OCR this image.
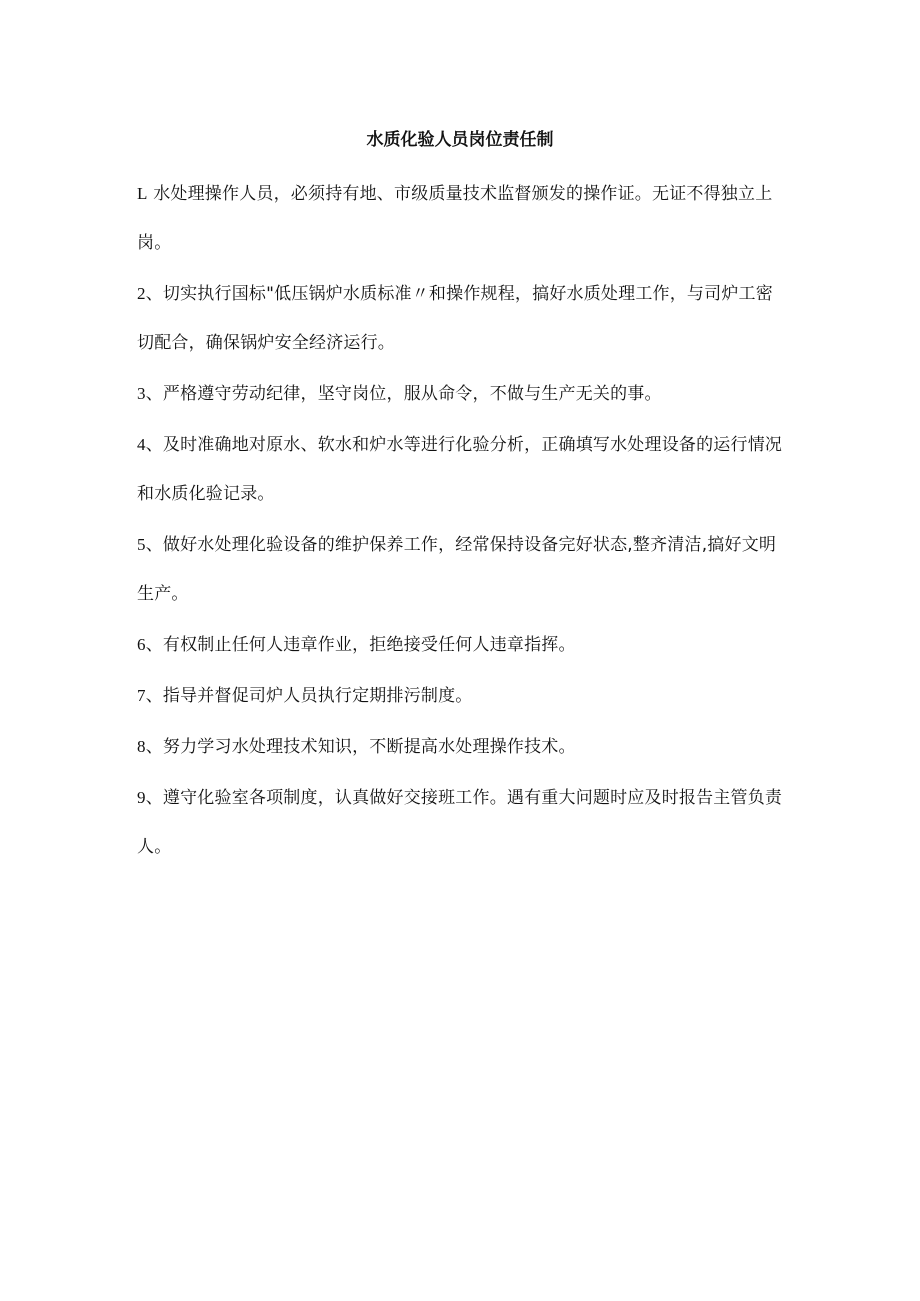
水质化验人员岗位责任制
L 水处理操作人员，必须持有地、市级质量技术监督颁发的操作证。无证不得独立上岗。
2、切实执行国标"低压锅炉水质标准〃和操作规程，搞好水质处理工作，与司炉工密切配合，确保锅炉安全经济运行。
3、严格遵守劳动纪律，坚守岗位，服从命令，不做与生产无关的事。
4、及时准确地对原水、软水和炉水等进行化验分析，正确填写水处理设备的运行情况和水质化验记录。
5、做好水处理化验设备的维护保养工作，经常保持设备完好状态,整齐清洁,搞好文明生产。
6、有权制止任何人违章作业，拒绝接受任何人违章指挥。
7、指导并督促司炉人员执行定期排污制度。
8、努力学习水处理技术知识，不断提高水处理操作技术。
9、遵守化验室各项制度，认真做好交接班工作。遇有重大问题时应及时报告主管负责人。
